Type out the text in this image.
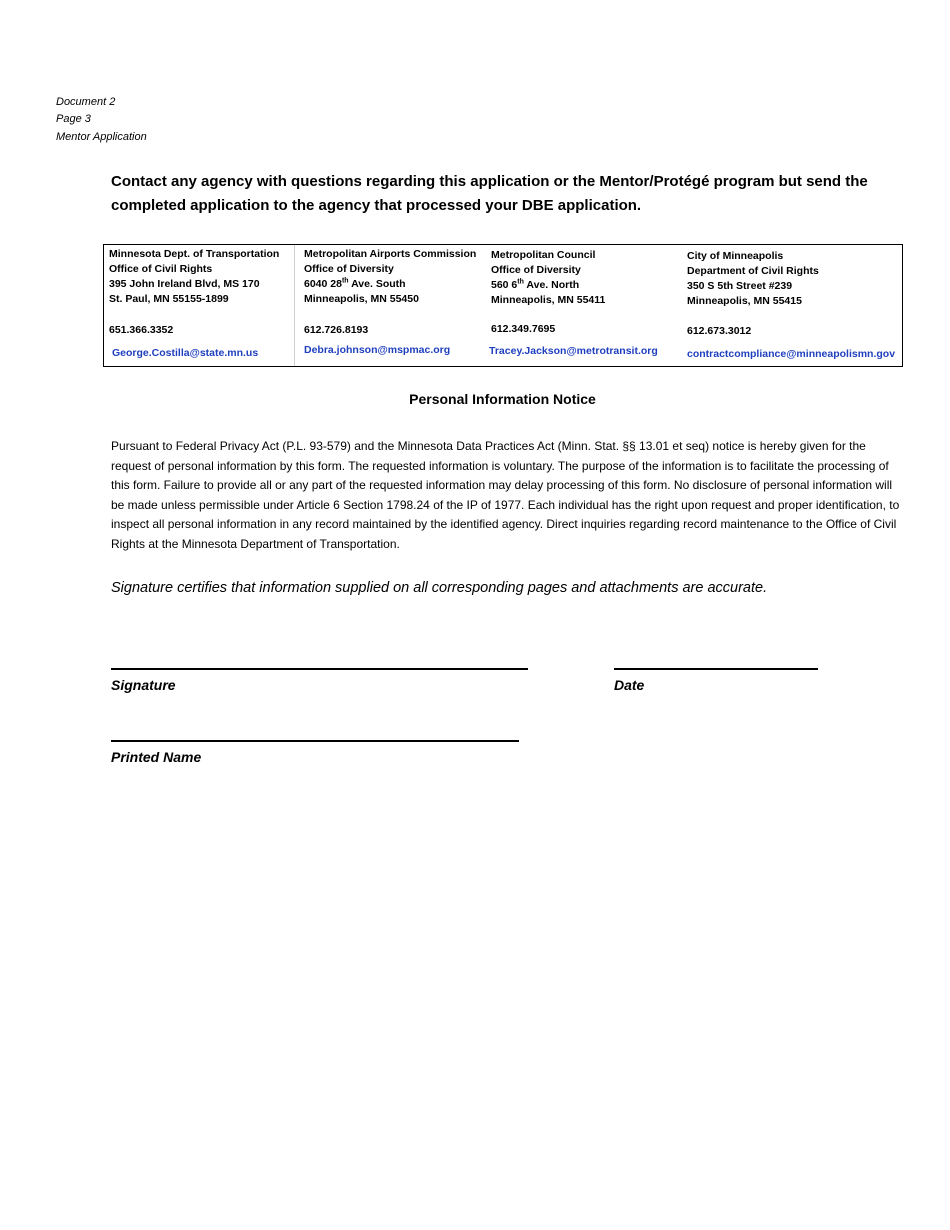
Document 2
Page 3
Mentor Application
Contact any agency with questions regarding this application or the Mentor/Protégé program but send the completed application to the agency that processed your DBE application.
Minnesota Dept. of Transportation
Office of Civil Rights
395 John Ireland Blvd, MS 170
St. Paul, MN 55155-1899
651.366.3352
George.Costilla@state.mn.us
Metropolitan Airports Commission
Office of Diversity
6040 28th Ave. South
Minneapolis, MN 55450
612.726.8193
Debra.johnson@mspmac.org
Metropolitan Council
Office of Diversity
560 6th Ave. North
Minneapolis, MN 55411
612.349.7695
Tracey.Jackson@metrotransit.org
City of Minneapolis
Department of Civil Rights
350 S 5th Street #239
Minneapolis, MN 55415
612.673.3012
contractcompliance@minneapolismn.gov
Personal Information Notice
Pursuant to Federal Privacy Act (P.L. 93-579) and the Minnesota Data Practices Act (Minn. Stat. §§ 13.01 et seq) notice is hereby given for the request of personal information by this form. The requested information is voluntary. The purpose of the information is to facilitate the processing of this form. Failure to provide all or any part of the requested information may delay processing of this form. No disclosure of personal information will be made unless permissible under Article 6 Section 1798.24 of the IP of 1977. Each individual has the right upon request and proper identification, to inspect all personal information in any record maintained by the identified agency. Direct inquiries regarding record maintenance to the Office of Civil Rights at the Minnesota Department of Transportation.
Signature certifies that information supplied on all corresponding pages and attachments are accurate.
Signature	Date
Printed Name
